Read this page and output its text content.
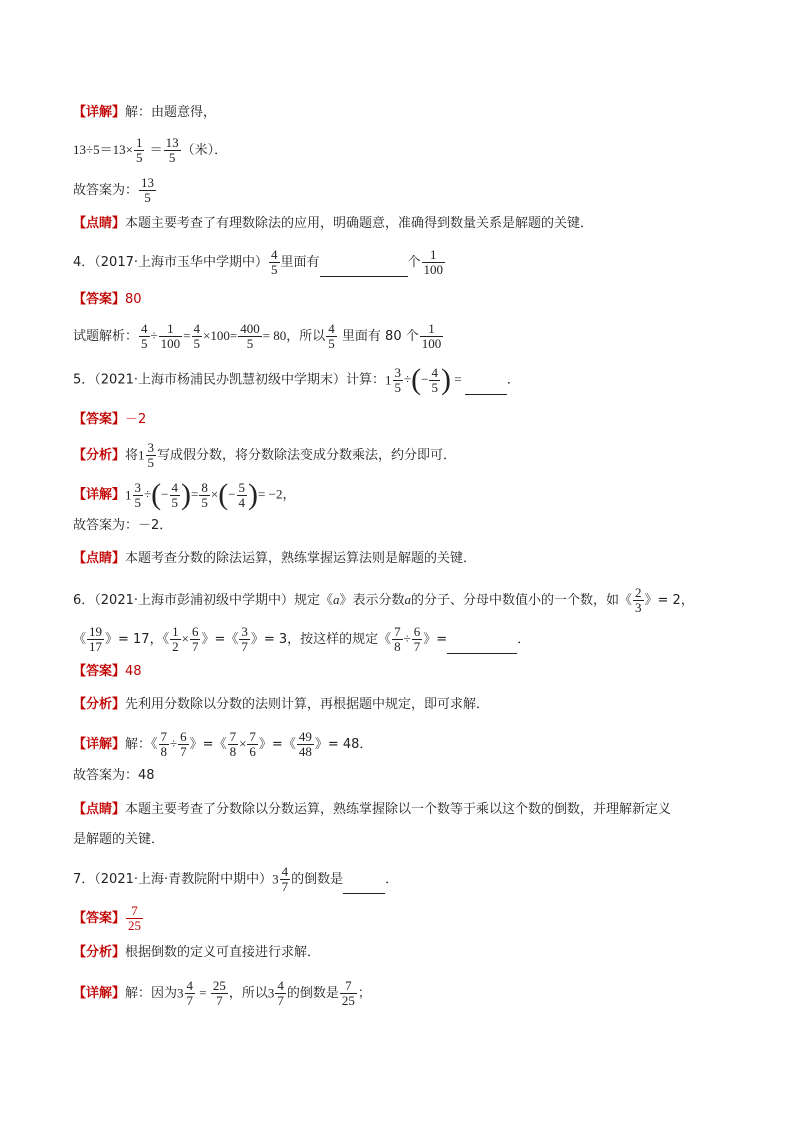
【详解】解：由题意得，
$13\div 5=13\times \frac{1}{5} = \frac{13}{5}$ （米）．
故答案为： $\frac{13}{5}$
【点睛】本题主要考查了有理数除法的应用，明确题意，准确得到数量关系是解题的关键．
4．（2017·上海市玉华中学期中） $\frac{4}{5}$ 里面有	个 $\frac{1}{100}$
【答案】80
试题解析： $\frac{4}{5} \div \frac{1}{100} = \frac{4}{5} \times 100= \frac{400}{5} = 80$，所以 $\frac{4}{5}$ 里面有 80 个 $\frac{1}{100}$
5．（2021·上海市杨浦民办凯慧初级中学期末）计算：$1 \frac{3}{5}$ ÷(− $\frac{4}{5}$ ) =	．
【答案】－2
【分析】将$1 \frac{3}{5}$ 写成假分数，将分数除法变成分数乘法，约分即可．
【详解】$1 \frac{3}{5}$ ÷(− $\frac{4}{5}$ )= $\frac{8}{5}$ ×(− $\frac{5}{4}$ )= −2，
故答案为：－2．
【点睛】本题考查分数的除法运算，熟练掌握运算法则是解题的关键．
6．（2021·上海市彭浦初级中学期中）规定《a》表示分数a的分子、分母中数值小的一个数，如《 $\frac{2}{3}$ 》= 2，
《 $\frac{19}{17}$ 》= 17，《 $\frac{1}{2} \times \frac{6}{7}$ 》=《 $\frac{3}{7}$ 》= 3，按这样的规定《 $\frac{7}{8} \div \frac{6}{7}$ 》=	．
【答案】48
【分析】先利用分数除以分数的法则计算，再根据题中规定，即可求解．
【详解】解：《 $\frac{7}{8} \div \frac{6}{7}$ 》=《 $\frac{7}{8} \times \frac{7}{6}$ 》=《 $\frac{49}{48}$ 》= 48．
故答案为：48
【点睛】本题主要考查了分数除以分数运算，熟练掌握除以一个数等于乘以这个数的倒数，并理解新定义
是解题的关键．
7．（2021·上海·青教院附中期中）$3 \frac{4}{7}$ 的倒数是	．
【答案】 $\frac{7}{25}$
【分析】根据倒数的定义可直接进行求解．
【详解】解：因为$3 \frac{4}{7} = \frac{25}{7}$ ，所以$3 \frac{4}{7}$ 的倒数是 $\frac{7}{25}$ ；
